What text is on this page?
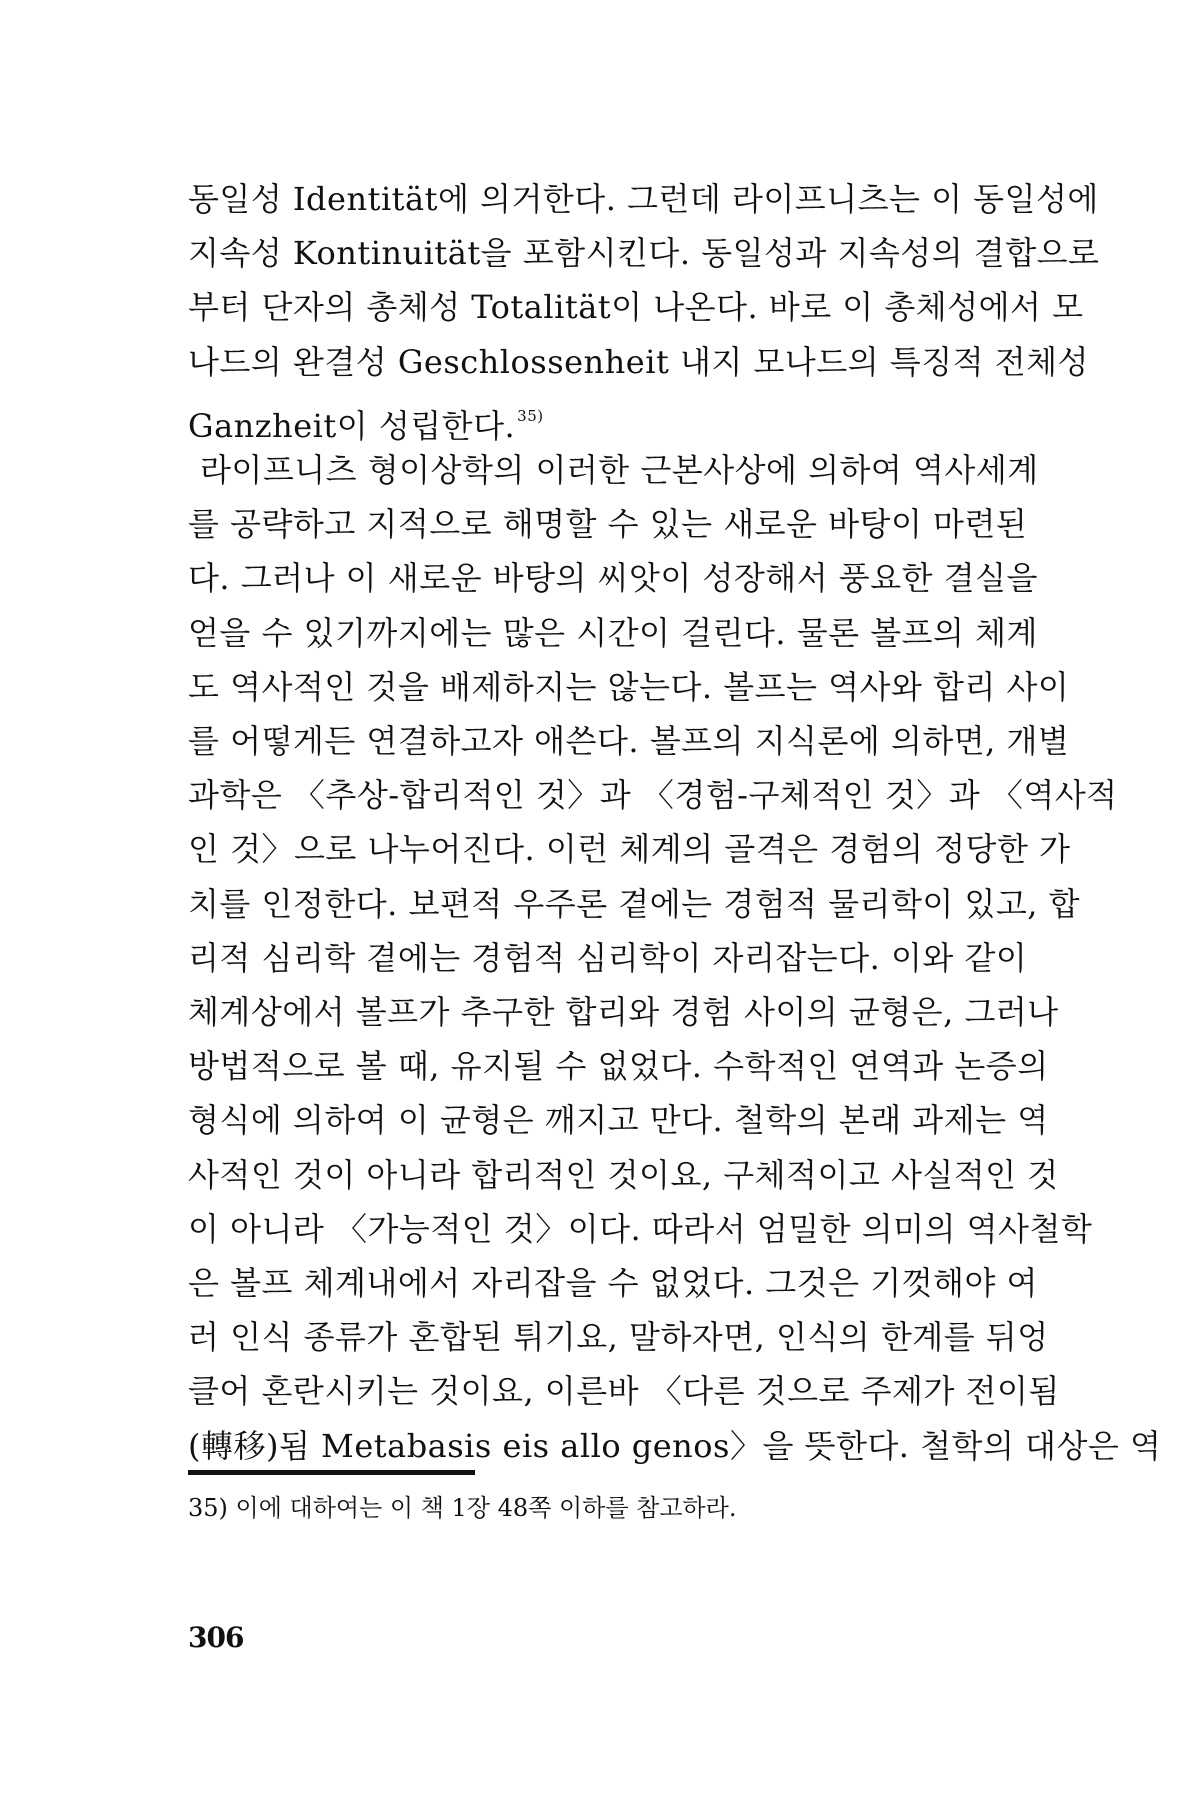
동일성 Identität에 의거한다. 그런데 라이프니츠는 이 동일성에
지속성 Kontinuität을 포함시킨다. 동일성과 지속성의 결합으로
부터 단자의 총체성 Totalität이 나온다. 바로 이 총체성에서 모
나드의 완결성 Geschlossenheit 내지 모나드의 특징적 전체성
Ganzheit이 성립한다. $^{35)}$
라이프니츠 형이상학의 이러한 근본사상에 의하여 역사세계
를 공략하고 지적으로 해명할 수 있는 새로운 바탕이 마련된
다. 그러나 이 새로운 바탕의 씨앗이 성장해서 풍요한 결실을
얻을 수 있기까지에는 많은 시간이 걸린다. 물론 볼프의 체계
도 역사적인 것을 배제하지는 않는다. 볼프는 역사와 합리 사이
를 어떻게든 연결하고자 애쓴다. 볼프의 지식론에 의하면, 개별
과학은 〈추상-합리적인 것〉과 〈경험-구체적인 것〉과 〈역사적
인 것〉으로 나누어진다. 이런 체계의 골격은 경험의 정당한 가
치를 인정한다. 보편적 우주론 곁에는 경험적 물리학이 있고, 합
리적 심리학 곁에는 경험적 심리학이 자리잡는다. 이와 같이
체계상에서 볼프가 추구한 합리와 경험 사이의 균형은, 그러나
방법적으로 볼 때, 유지될 수 없었다. 수학적인 연역과 논증의
형식에 의하여 이 균형은 깨지고 만다. 철학의 본래 과제는 역
사적인 것이 아니라 합리적인 것이요, 구체적이고 사실적인 것
이 아니라 〈가능적인 것〉이다. 따라서 엄밀한 의미의 역사철학
은 볼프 체계내에서 자리잡을 수 없었다. 그것은 기껏해야 여
러 인식 종류가 혼합된 튀기요, 말하자면, 인식의 한계를 뒤엉
클어 혼란시키는 것이요, 이른바 〈다른 것으로 주제가 전이됨
(轉移)됨 Metabasis eis allo genos〉을 뜻한다. 철학의 대상은 역
35) 이에 대하여는 이 책 1장 48쪽 이하를 참고하라.
306
